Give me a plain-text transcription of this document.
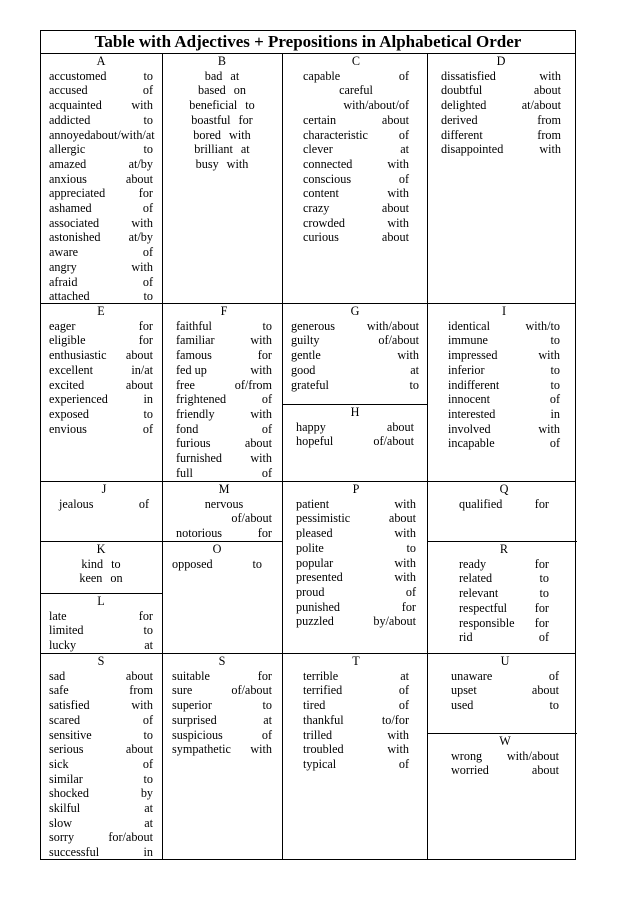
Table with Adjectives + Prepositions in Alphabetical Order
A
accustomed	to
accused	of
acquainted with
addicted	to
annoyed about/with/at
allergic	to
amazed	at/by
anxious	about
appreciated	for
ashamed	of
associated	with
astonished at/by
aware	of
angry	with
afraid	of
attached	to
B
bad at
based on
beneficial to
boastful for
bored with
brilliant at
busy with
C
capable	of
careful
with/about/of
certain	about
characteristic	of
clever	at
connected	with
conscious	of
content	with
crazy	about
crowded	with
curious	about
D
dissatisfied	with
doubtful	about
delighted	at/about
derived	from
different	from
disappointed	with
E
eager	for
eligible	for
enthusiastic about
excellent	in/at
excited	about
experienced	in
exposed	to
envious	of
F
faithful	to
familiar	with
famous	for
fed up	with
free	of/from
frightened	of
friendly	with
fond	of
furious	about
furnished with
full	of
G
generous	with/about
guilty	of/about
gentle	with
good	at
grateful	to
H
happy	about
hopeful	of/about
I
identical	with/to
immune	to
impressed	with
inferior	to
indifferent	to
innocent	of
interested	in
involved	with
incapable	of
J
jealous	of
K
kind to
keen on
L
late	for
limited	to
lucky	at
M
nervous
of/about
notorious	for
O
opposed	to
P
patient	with
pessimistic	about
pleased	with
polite	to
popular	with
presented	with
proud	of
punished	for
puzzled	by/about
Q
qualified	for
R
ready	for
related	to
relevant	to
respectful for
responsible for
rid	of
S
sad	about
safe	from
satisfied	with
scared	of
sensitive	to
serious	about
sick	of
similar	to
shocked	by
skilful	at
slow	at
sorry	for/about
successful	in
S
suitable	for
sure	of/about
superior	to
surprised	at
suspicious	of
sympathetic with
T
terrible	at
terrified	of
tired	of
thankful	to/for
trilled	with
troubled	with
typical	of
U
unaware	of
upset	about
used	to
W
wrong with/about
worried	about
